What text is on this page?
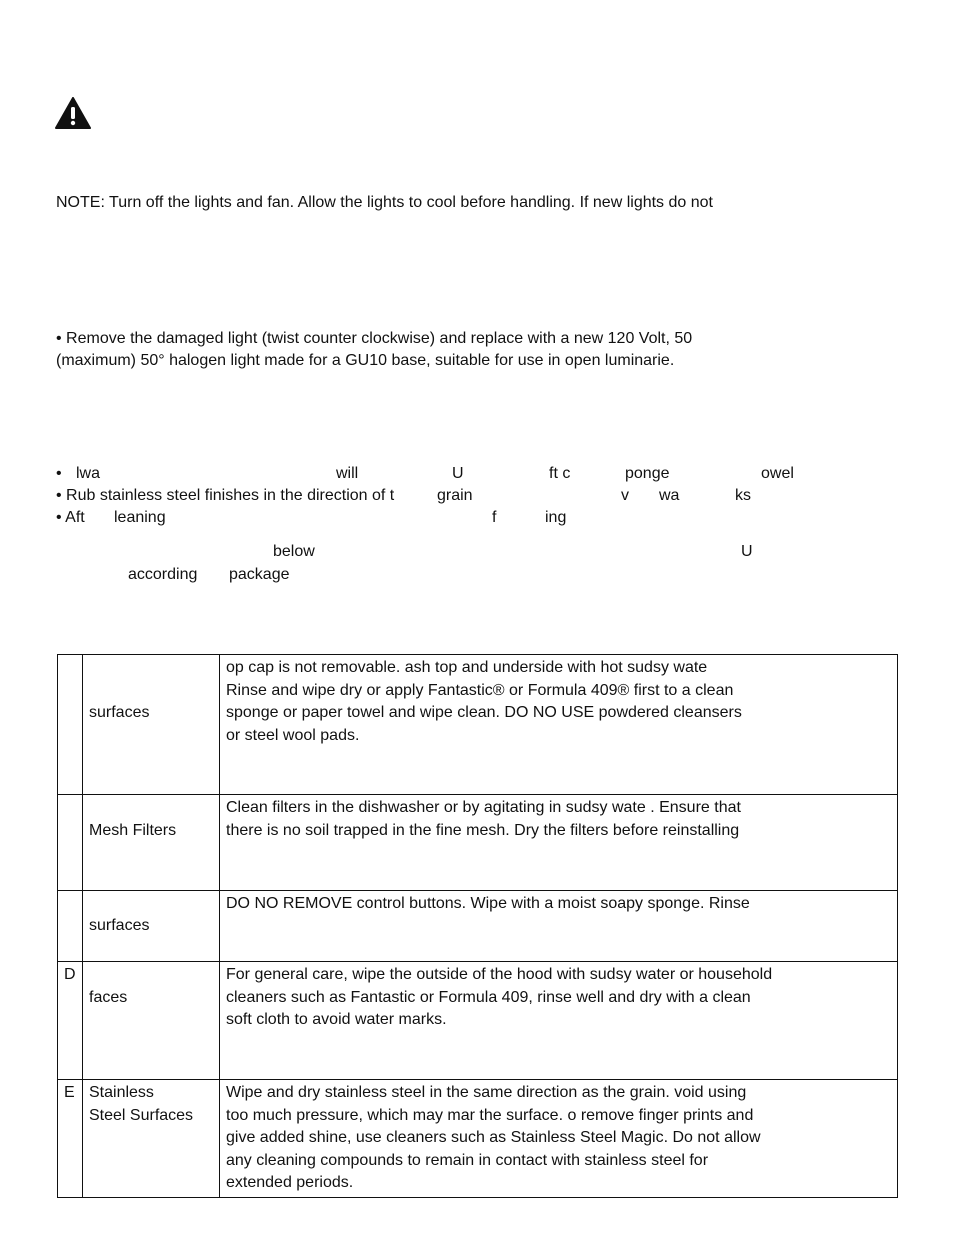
NOTE: Turn off the lights and fan. Allow the lights to cool before handling. If new lights do not
• Remove the damaged light (twist counter clockwise) and replace with a new 120 Volt, 50
(maximum) 50° halogen light made for a GU10 base, suitable for use in open luminarie.
• lwa	will	U	ft c	ponge	owel
• Rub stainless steel finishes in the direction of t	grain	v wa	ks
• Aft leaning	f	ing
below	U
according package
	surfaces	op cap is not removable. ash top and underside with hot sudsy wate
Rinse and wipe dry or apply Fantastic® or Formula 409® first to a clean
sponge or paper towel and wipe clean. DO NO USE powdered cleansers
or steel wool pads.
	Mesh Filters	Clean filters in the dishwasher or by agitating in sudsy wate . Ensure that
there is no soil trapped in the fine mesh. Dry the filters before reinstalling
	surfaces	DO NO REMOVE control buttons. Wipe with a moist soapy sponge. Rinse
D	faces	For general care, wipe the outside of the hood with sudsy water or household
cleaners such as Fantastic or Formula 409, rinse well and dry with a clean
soft cloth to avoid water marks.
E	Stainless
Steel Surfaces	Wipe and dry stainless steel in the same direction as the grain. void using
too much pressure, which may mar the surface. o remove finger prints and
give added shine, use cleaners such as Stainless Steel Magic. Do not allow
any cleaning compounds to remain in contact with stainless steel for
extended periods.
